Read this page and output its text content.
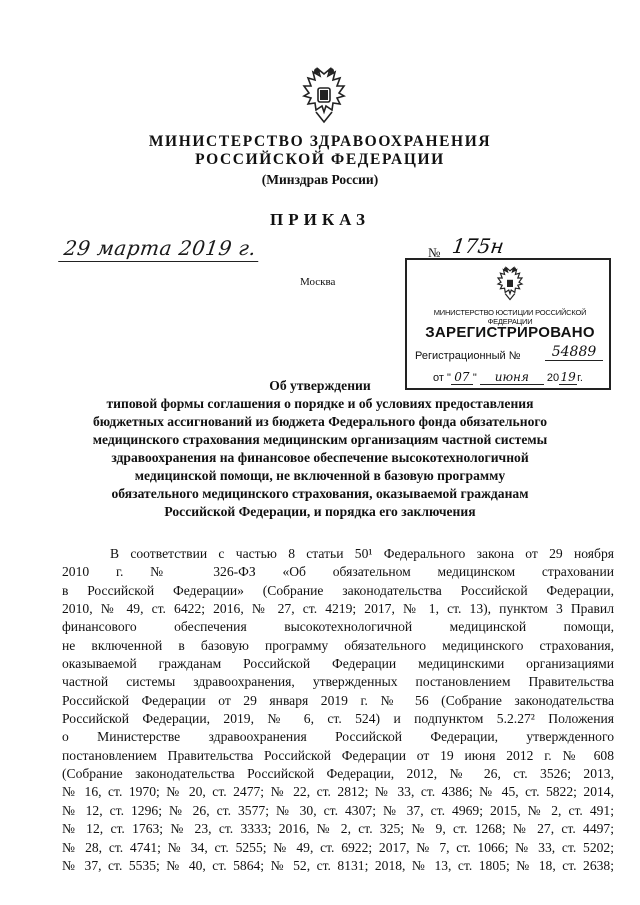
МИНИСТЕРСТВО ЗДРАВООХРАНЕНИЯ
РОССИЙСКОЙ ФЕДЕРАЦИИ
(Минздрав России)
ПРИКАЗ
29 марта 2019 г.	№ 175н
Москва
МИНИСТЕРСТВО ЮСТИЦИИ РОССИЙСКОЙ ФЕДЕРАЦИИ
ЗАРЕГИСТРИРОВАНО
Регистрационный №	54889
от " 07 " июня 2019г.
Об утверждении
типовой формы соглашения о порядке и об условиях предоставления
бюджетных ассигнований из бюджета Федерального фонда обязательного
медицинского страхования медицинским организациям частной системы
здравоохранения на финансовое обеспечение высокотехнологичной
медицинской помощи, не включенной в базовую программу
обязательного медицинского страхования, оказываемой гражданам
Российской Федерации, и порядка его заключения
В соответствии с частью 8 статьи 50¹ Федерального закона от 29 ноября
2010 г. № 326-ФЗ «Об обязательном медицинском страховании
в Российской Федерации» (Собрание законодательства Российской Федерации,
2010, № 49, ст. 6422; 2016, № 27, ст. 4219; 2017, № 1, ст. 13), пунктом 3 Правил
финансового обеспечения высокотехнологичной медицинской помощи,
не включенной в базовую программу обязательного медицинского страхования,
оказываемой гражданам Российской Федерации медицинскими организациями
частной системы здравоохранения, утвержденных постановлением Правительства
Российской Федерации от 29 января 2019 г. № 56 (Собрание законодательства
Российской Федерации, 2019, № 6, ст. 524) и подпунктом 5.2.27² Положения
о Министерстве здравоохранения Российской Федерации, утвержденного
постановлением Правительства Российской Федерации от 19 июня 2012 г. № 608
(Собрание законодательства Российской Федерации, 2012, № 26, ст. 3526; 2013,
№ 16, ст. 1970; № 20, ст. 2477; № 22, ст. 2812; № 33, ст. 4386; № 45, ст. 5822; 2014,
№ 12, ст. 1296; № 26, ст. 3577; № 30, ст. 4307; № 37, ст. 4969; 2015, № 2, ст. 491;
№ 12, ст. 1763; № 23, ст. 3333; 2016, № 2, ст. 325; № 9, ст. 1268; № 27, ст. 4497;
№ 28, ст. 4741; № 34, ст. 5255; № 49, ст. 6922; 2017, № 7, ст. 1066; № 33, ст. 5202;
№ 37, ст. 5535; № 40, ст. 5864; № 52, ст. 8131; 2018, № 13, ст. 1805; № 18, ст. 2638;
